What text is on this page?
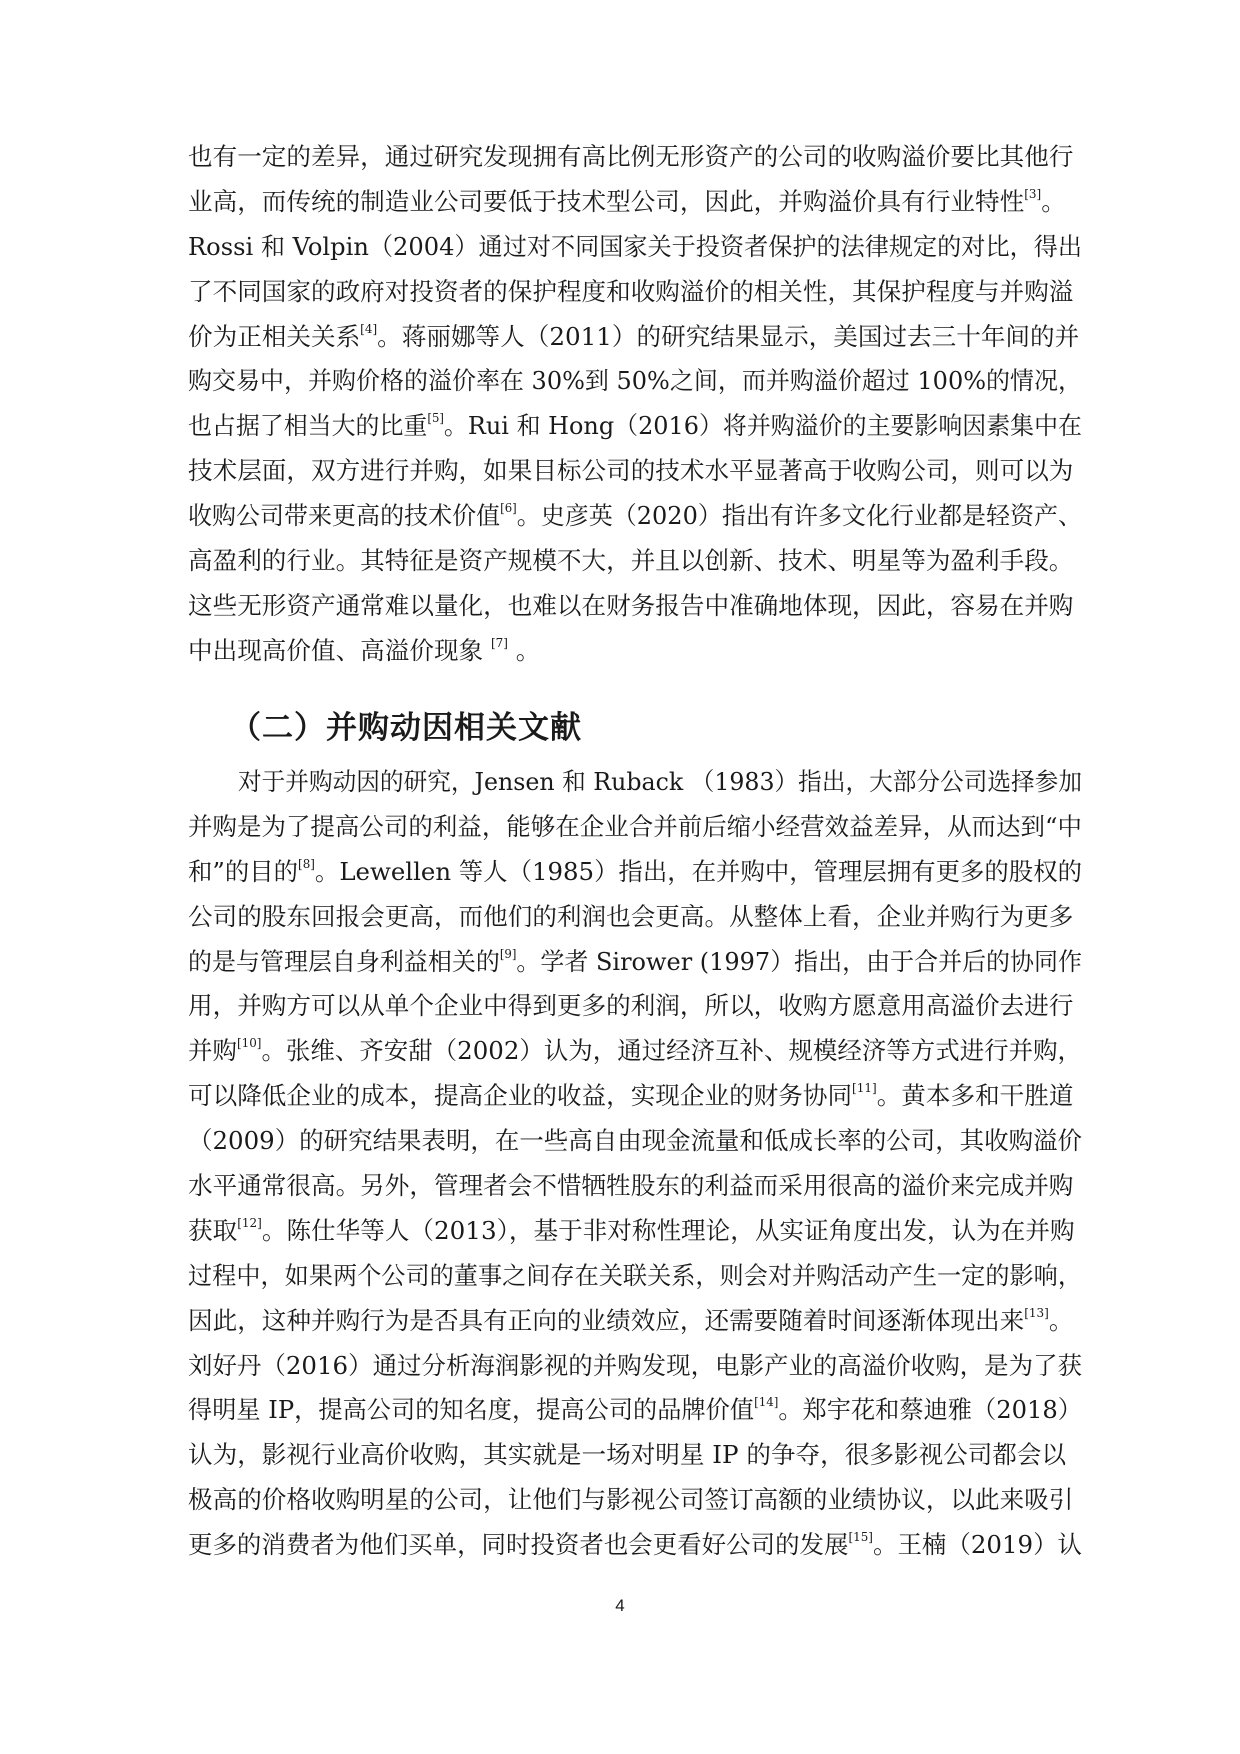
也有一定的差异，通过研究发现拥有高比例无形资产的公司的收购溢价要比其他行
业高，而传统的制造业公司要低于技术型公司，因此，并购溢价具有行业特性[3]。
Rossi 和 Volpin（2004）通过对不同国家关于投资者保护的法律规定的对比，得出
了不同国家的政府对投资者的保护程度和收购溢价的相关性，其保护程度与并购溢
价为正相关关系[4]。蒋丽娜等人（2011）的研究结果显示，美国过去三十年间的并
购交易中，并购价格的溢价率在 30%到 50%之间，而并购溢价超过 100%的情况，
也占据了相当大的比重[5]。Rui 和 Hong（2016）将并购溢价的主要影响因素集中在
技术层面，双方进行并购，如果目标公司的技术水平显著高于收购公司，则可以为
收购公司带来更高的技术价值[6]。史彦英（2020）指出有许多文化行业都是轻资产、
高盈利的行业。其特征是资产规模不大，并且以创新、技术、明星等为盈利手段。
这些无形资产通常难以量化，也难以在财务报告中准确地体现，因此，容易在并购
中出现高价值、高溢价现象 [7] 。
（二）并购动因相关文献
对于并购动因的研究，Jensen 和 Ruback （1983）指出，大部分公司选择参加
并购是为了提高公司的利益，能够在企业合并前后缩小经营效益差异，从而达到“中
和”的目的[8]。Lewellen 等人（1985）指出，在并购中，管理层拥有更多的股权的
公司的股东回报会更高，而他们的利润也会更高。从整体上看，企业并购行为更多
的是与管理层自身利益相关的[9]。学者 Sirower (1997）指出，由于合并后的协同作
用，并购方可以从单个企业中得到更多的利润，所以，收购方愿意用高溢价去进行
并购[10]。张维、齐安甜（2002）认为，通过经济互补、规模经济等方式进行并购，
可以降低企业的成本，提高企业的收益，实现企业的财务协同[11]。黄本多和干胜道
（2009）的研究结果表明，在一些高自由现金流量和低成长率的公司，其收购溢价
水平通常很高。另外，管理者会不惜牺牲股东的利益而采用很高的溢价来完成并购
获取[12]。陈仕华等人（2013），基于非对称性理论，从实证角度出发，认为在并购
过程中，如果两个公司的董事之间存在关联关系，则会对并购活动产生一定的影响，
因此，这种并购行为是否具有正向的业绩效应，还需要随着时间逐渐体现出来[13]。
刘好丹（2016）通过分析海润影视的并购发现，电影产业的高溢价收购，是为了获
得明星 IP，提高公司的知名度，提高公司的品牌价值[14]。郑宇花和蔡迪雅（2018）
认为，影视行业高价收购，其实就是一场对明星 IP 的争夺，很多影视公司都会以
极高的价格收购明星的公司，让他们与影视公司签订高额的业绩协议，以此来吸引
更多的消费者为他们买单，同时投资者也会更看好公司的发展[15]。王楠（2019）认
4
